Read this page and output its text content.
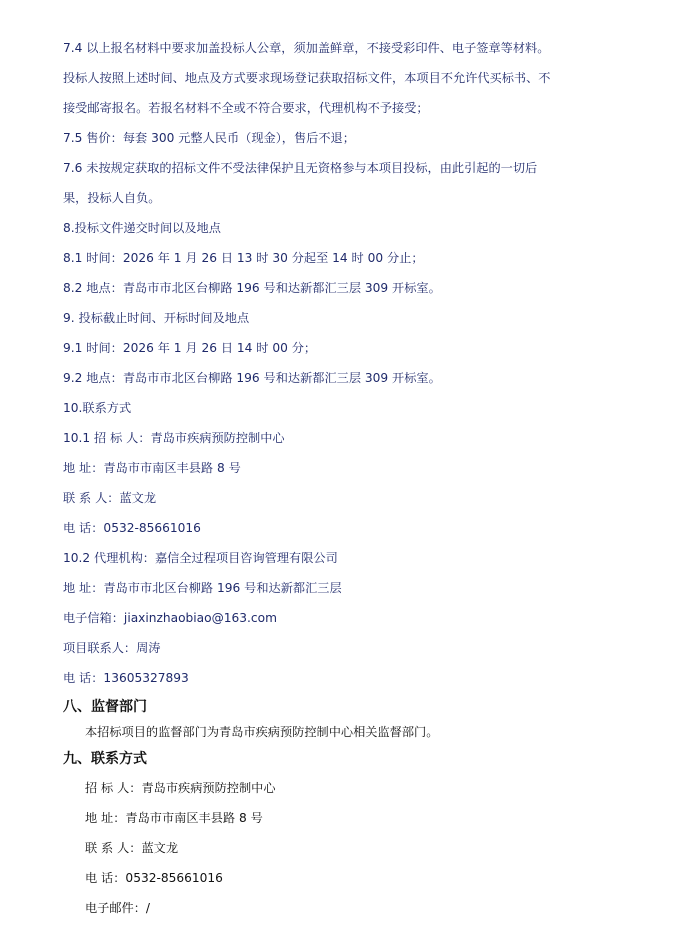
7.4 以上报名材料中要求加盖投标人公章，须加盖鲜章，不接受彩印件、电子签章等材料。
投标人按照上述时间、地点及方式要求现场登记获取招标文件，本项目不允许代买标书、不
接受邮寄报名。若报名材料不全或不符合要求，代理机构不予接受；
7.5 售价：每套 300 元整人民币（现金），售后不退；
7.6 未按规定获取的招标文件不受法律保护且无资格参与本项目投标，由此引起的一切后
果，投标人自负。
8.投标文件递交时间以及地点
8.1 时间：2026 年 1 月 26 日 13 时 30 分起至 14 时 00 分止；
8.2 地点：青岛市市北区台柳路 196 号和达新都汇三层 309 开标室。
9. 投标截止时间、开标时间及地点
9.1 时间：2026 年 1 月 26 日 14 时 00 分；
9.2 地点：青岛市市北区台柳路 196 号和达新都汇三层 309 开标室。
10.联系方式
10.1 招 标 人：青岛市疾病预防控制中心
地 址：青岛市市南区丰县路 8 号
联 系 人：蓝文龙
电 话：0532-85661016
10.2 代理机构：嘉信全过程项目咨询管理有限公司
地 址：青岛市市北区台柳路 196 号和达新都汇三层
电子信箱：jiaxinzhaobiao@163.com
项目联系人：周涛
电 话：13605327893
八、监督部门
本招标项目的监督部门为青岛市疾病预防控制中心相关监督部门。
九、联系方式
招 标 人：青岛市疾病预防控制中心
地 址：青岛市市南区丰县路 8 号
联 系 人：蓝文龙
电 话：0532-85661016
电子邮件：/
